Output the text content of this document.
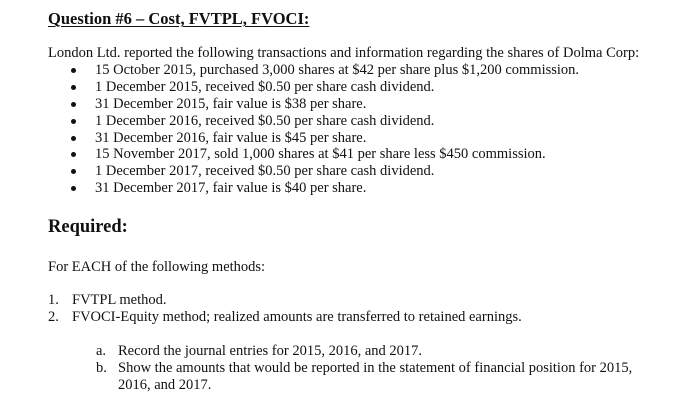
Question #6 – Cost, FVTPL, FVOCI:
London Ltd. reported the following transactions and information regarding the shares of Dolma Corp:
15 October 2015, purchased 3,000 shares at $42 per share plus $1,200 commission.
1 December 2015, received $0.50 per share cash dividend.
31 December 2015, fair value is $38 per share.
1 December 2016, received $0.50 per share cash dividend.
31 December 2016, fair value is $45 per share.
15 November 2017, sold 1,000 shares at $41 per share less $450 commission.
1 December 2017, received $0.50 per share cash dividend.
31 December 2017, fair value is $40 per share.
Required:
For EACH of the following methods:
1. FVTPL method.
2. FVOCI-Equity method; realized amounts are transferred to retained earnings.
a. Record the journal entries for 2015, 2016, and 2017.
b. Show the amounts that would be reported in the statement of financial position for 2015, 2016, and 2017.
